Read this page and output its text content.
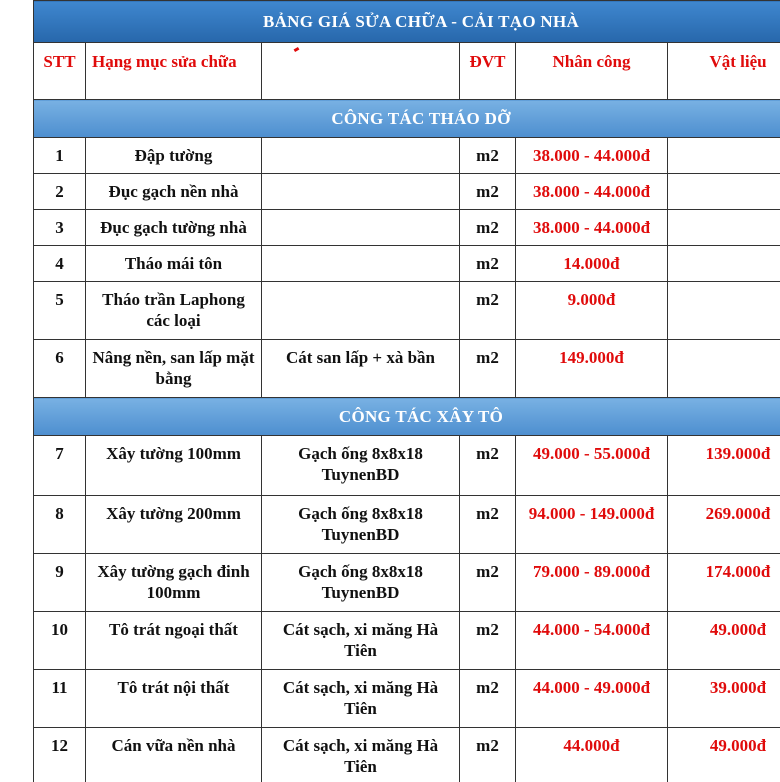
BẢNG GIÁ SỬA CHỮA - CẢI TẠO NHÀ					
STT	Hạng mục sửa chữa		ĐVT	Nhân công	Vật liệu
CÔNG TÁC THÁO DỠ					
1	Đập tường		m2	38.000 - 44.000đ	
2	Đục gạch nền nhà		m2	38.000 - 44.000đ	
3	Đục gạch tường nhà		m2	38.000 - 44.000đ	
4	Tháo mái tôn		m2	14.000đ	
5	Tháo trần Laphong các loại		m2	9.000đ	
6	Nâng nền, san lấp mặt bằng	Cát san lấp + xà bần	m2	149.000đ	
CÔNG TÁC XÂY TÔ					
7	Xây tường 100mm	Gạch ống 8x8x18 TuynenBD	m2	49.000 - 55.000đ	139.000đ
8	Xây tường 200mm	Gạch ống 8x8x18 TuynenBD	m2	94.000 - 149.000đ	269.000đ
9	Xây tường gạch đinh 100mm	Gạch ống 8x8x18 TuynenBD	m2	79.000 - 89.000đ	174.000đ
10	Tô trát ngoại thất	Cát sạch, xi măng Hà Tiên	m2	44.000 - 54.000đ	49.000đ
11	Tô trát nội thất	Cát sạch, xi măng Hà Tiên	m2	44.000 - 49.000đ	39.000đ
12	Cán vữa nền nhà	Cát sạch, xi măng Hà Tiên	m2	44.000đ	49.000đ
